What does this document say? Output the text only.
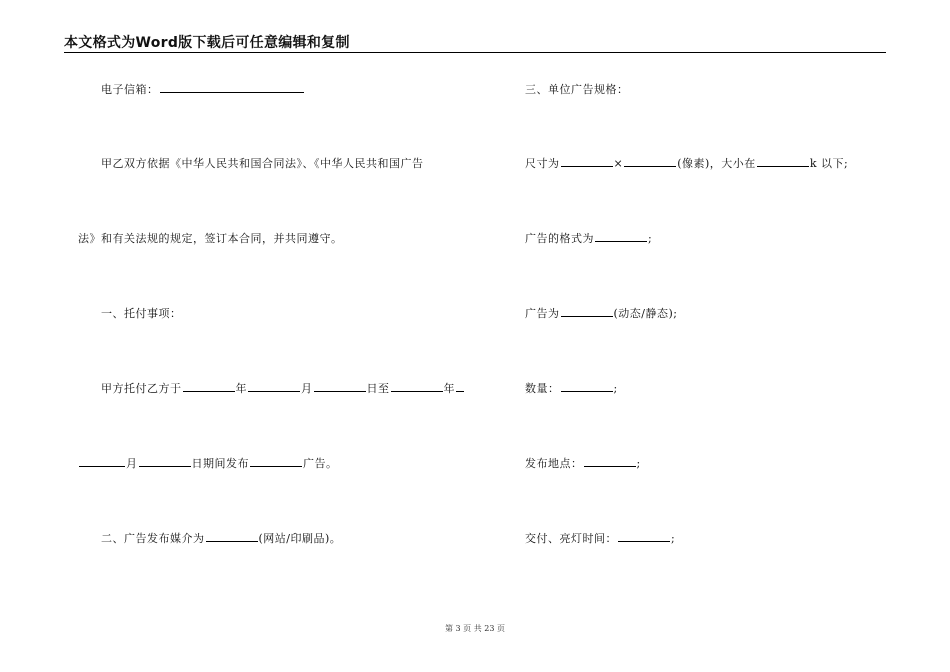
本文格式为Word版下载后可任意编辑和复制
电子信箱：
甲乙双方依据《中华人民共和国合同法》、《中华人民共和国广告
法》和有关法规的规定，签订本合同，并共同遵守。
一、托付事项：
甲方托付乙方于	年	月	日至	年
月	日期间发布	广告。
二、广告发布媒介为	(网站/印刷品)。
三、单位广告规格：
尺寸为	×	(像素)，大小在	k 以下;
广告的格式为	;
广告为	(动态/静态);
数量：	;
发布地点：	;
交付、亮灯时间：	;
第 3 页 共 23 页
